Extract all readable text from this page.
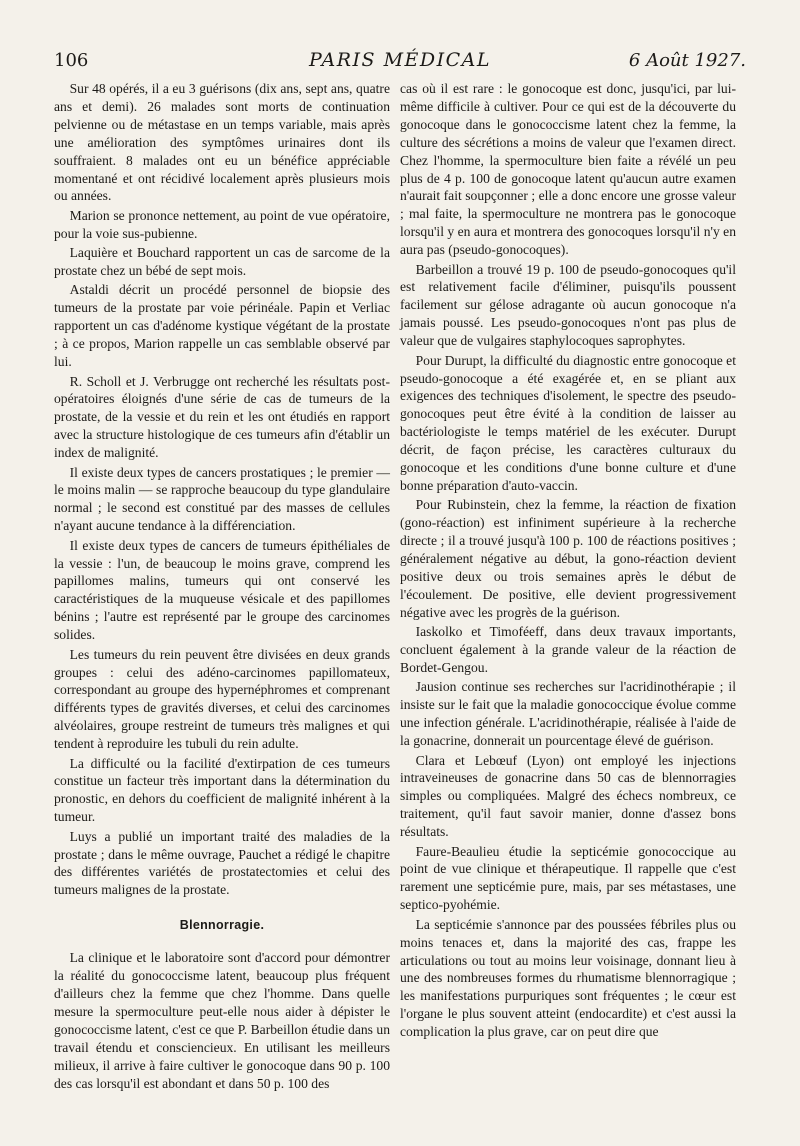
106	PARIS MÉDICAL	6 Août 1927.

Sur 48 opérés, il a eu 3 guérisons (dix ans, sept ans, quatre ans et demi). 26 malades sont morts de continuation pelvienne ou de métastase en un temps variable, mais après une amélioration des symptômes urinaires dont ils souffraient. 8 malades ont eu un bénéfice appréciable momentané et ont récidivé localement après plusieurs mois ou années.

Marion se prononce nettement, au point de vue opératoire, pour la voie sus-pubienne.

Laquière et Bouchard rapportent un cas de sarcome de la prostate chez un bébé de sept mois.

Astaldi décrit un procédé personnel de biopsie des tumeurs de la prostate par voie périnéale. Papin et Verliac rapportent un cas d'adénome kystique végétant de la prostate ; à ce propos, Marion rappelle un cas semblable observé par lui.

R. Scholl et J. Verbrugge ont recherché les résultats post-opératoires éloignés d'une série de cas de tumeurs de la prostate, de la vessie et du rein et les ont étudiés en rapport avec la structure histologique de ces tumeurs afin d'établir un index de malignité.

Il existe deux types de cancers prostatiques ; le premier — le moins malin — se rapproche beaucoup du type glandulaire normal ; le second est constitué par des masses de cellules n'ayant aucune tendance à la différenciation.

Il existe deux types de cancers de tumeurs épithéliales de la vessie : l'un, de beaucoup le moins grave, comprend les papillomes malins, tumeurs qui ont conservé les caractéristiques de la muqueuse vésicale et des papillomes bénins ; l'autre est représenté par le groupe des carcinomes solides.

Les tumeurs du rein peuvent être divisées en deux grands groupes : celui des adéno-carcinomes papillomateux, correspondant au groupe des hypernéphromes et comprenant différents types de gravités diverses, et celui des carcinomes alvéolaires, groupe restreint de tumeurs très malignes et qui tendent à reproduire les tubuli du rein adulte.

La difficulté ou la facilité d'extirpation de ces tumeurs constitue un facteur très important dans la détermination du pronostic, en dehors du coefficient de malignité inhérent à la tumeur.

Luys a publié un important traité des maladies de la prostate ; dans le même ouvrage, Pauchet a rédigé le chapitre des différentes variétés de prostatectomies et celui des tumeurs malignes de la prostate.

Blennorragie.

La clinique et le laboratoire sont d'accord pour démontrer la réalité du gonococcisme latent, beaucoup plus fréquent d'ailleurs chez la femme que chez l'homme. Dans quelle mesure la spermoculture peut-elle nous aider à dépister le gonococcisme latent, c'est ce que P. Barbeillon étudie dans un travail étendu et consciencieux. En utilisant les meilleurs milieux, il arrive à faire cultiver le gonocoque dans 90 p. 100 des cas lorsqu'il est abondant et dans 50 p. 100 des

cas où il est rare : le gonocoque est donc, jusqu'ici, par lui-même difficile à cultiver. Pour ce qui est de la découverte du gonocoque dans le gonococcisme latent chez la femme, la culture des sécrétions a moins de valeur que l'examen direct. Chez l'homme, la spermoculture bien faite a révélé un peu plus de 4 p. 100 de gonocoque latent qu'aucun autre examen n'aurait fait soupçonner ; elle a donc encore une grosse valeur ; mal faite, la spermoculture ne montrera pas le gonocoque lorsqu'il y en aura et montrera des gonocoques lorsqu'il n'y en aura pas (pseudo-gonocoques).

Barbeillon a trouvé 19 p. 100 de pseudo-gonocoques qu'il est relativement facile d'éliminer, puisqu'ils poussent facilement sur gélose adragante où aucun gonocoque n'a jamais poussé. Les pseudo-gonocoques n'ont pas plus de valeur que de vulgaires staphylocoques saprophytes.

Pour Durupt, la difficulté du diagnostic entre gonocoque et pseudo-gonocoque a été exagérée et, en se pliant aux exigences des techniques d'isolement, le spectre des pseudo-gonocoques peut être évité à la condition de laisser au bactériologiste le temps matériel de les exécuter. Durupt décrit, de façon précise, les caractères culturaux du gonocoque et les conditions d'une bonne culture et d'une bonne préparation d'auto-vaccin.

Pour Rubinstein, chez la femme, la réaction de fixation (gono-réaction) est infiniment supérieure à la recherche directe ; il a trouvé jusqu'à 100 p. 100 de réactions positives ; généralement négative au début, la gono-réaction devient positive deux ou trois semaines après le début de l'écoulement. De positive, elle devient progressivement négative avec les progrès de la guérison.

Iaskolko et Timoféeff, dans deux travaux importants, concluent également à la grande valeur de la réaction de Bordet-Gengou.

Jausion continue ses recherches sur l'acridinothérapie ; il insiste sur le fait que la maladie gonococcique évolue comme une infection générale. L'acridinothérapie, réalisée à l'aide de la gonacrine, donnerait un pourcentage élevé de guérison.

Clara et Lebœuf (Lyon) ont employé les injections intraveineuses de gonacrine dans 50 cas de blennorragies simples ou compliquées. Malgré des échecs nombreux, ce traitement, qu'il faut savoir manier, donne d'assez bons résultats.

Faure-Beaulieu étudie la septicémie gonococcique au point de vue clinique et thérapeutique. Il rappelle que c'est rarement une septicémie pure, mais, par ses métastases, une septico-pyohémie.

La septicémie s'annonce par des poussées fébriles plus ou moins tenaces et, dans la majorité des cas, frappe les articulations ou tout au moins leur voisinage, donnant lieu à une des nombreuses formes du rhumatisme blennorragique ; les manifestations purpuriques sont fréquentes ; le cœur est l'organe le plus souvent atteint (endocardite) et c'est aussi la complication la plus grave, car on peut dire que
